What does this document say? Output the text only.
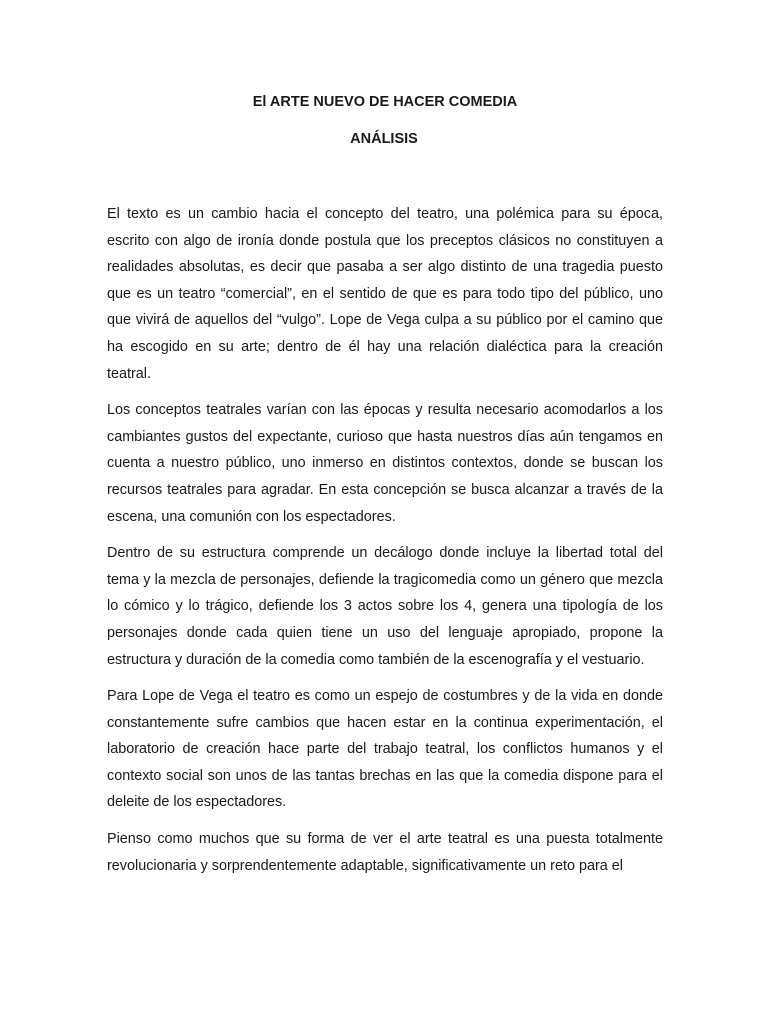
El ARTE NUEVO DE HACER COMEDIA
ANÁLISIS

El texto es un cambio hacia el concepto del teatro, una polémica para su época, escrito con algo de ironía donde postula que los preceptos clásicos no constituyen a realidades absolutas, es decir que pasaba a ser algo distinto de una tragedia puesto que es un teatro “comercial”, en el sentido de que es para todo tipo del público, uno que vivirá de aquellos del “vulgo”. Lope de Vega culpa a su público por el camino que ha escogido en su arte; dentro de él hay una relación dialéctica para la creación teatral.

Los conceptos teatrales varían con las épocas y resulta necesario acomodarlos a los cambiantes gustos del expectante, curioso que hasta nuestros días aún tengamos en cuenta a nuestro público, uno inmerso en distintos contextos, donde se buscan los recursos teatrales para agradar. En esta concepción se busca alcanzar a través de la escena, una comunión con los espectadores.

Dentro de su estructura comprende un decálogo donde incluye la libertad total del tema y la mezcla de personajes, defiende la tragicomedia como un género que mezcla lo cómico y lo trágico, defiende los 3 actos sobre los 4, genera una tipología de los personajes donde cada quien tiene un uso del lenguaje apropiado, propone la estructura y duración de la comedia como también de la escenografía y el vestuario.

Para Lope de Vega el teatro es como un espejo de costumbres y de la vida en donde constantemente sufre cambios que hacen estar en la continua experimentación, el laboratorio de creación hace parte del trabajo teatral, los conflictos humanos y el contexto social son unos de las tantas brechas en las que la comedia dispone para el deleite de los espectadores.

Pienso como muchos que su forma de ver el arte teatral es una puesta totalmente revolucionaria y sorprendentemente adaptable, significativamente un reto para el
